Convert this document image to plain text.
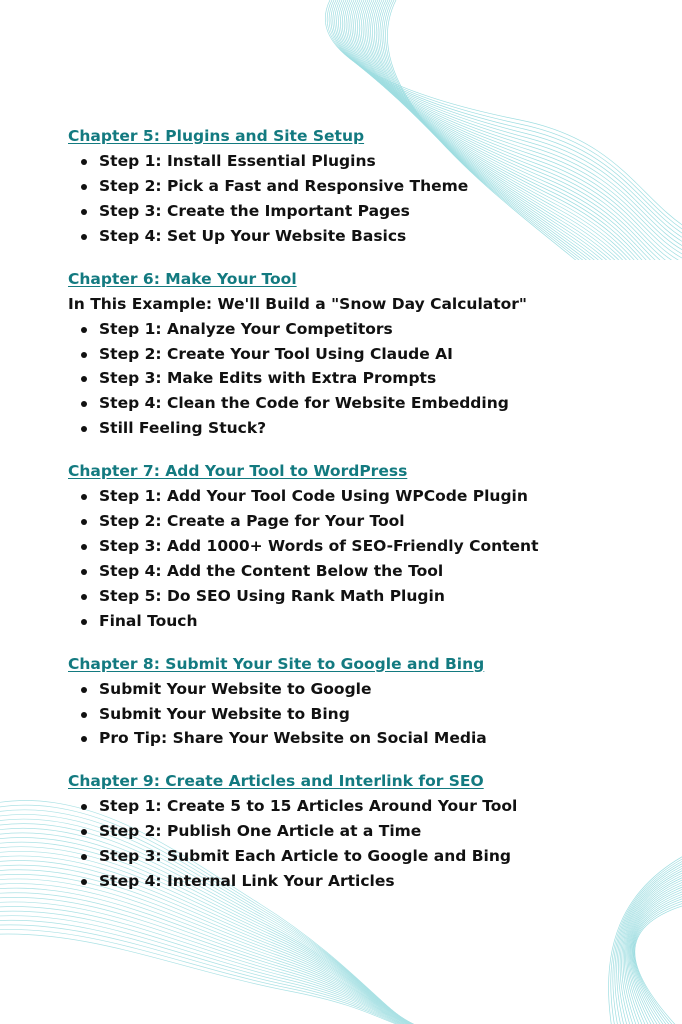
Chapter 5: Plugins and Site Setup
Step 1: Install Essential Plugins
Step 2: Pick a Fast and Responsive Theme
Step 3: Create the Important Pages
Step 4: Set Up Your Website Basics
Chapter 6: Make Your Tool
In This Example: We'll Build a "Snow Day Calculator"
Step 1: Analyze Your Competitors
Step 2: Create Your Tool Using Claude AI
Step 3: Make Edits with Extra Prompts
Step 4: Clean the Code for Website Embedding
Still Feeling Stuck?
Chapter 7: Add Your Tool to WordPress
Step 1: Add Your Tool Code Using WPCode Plugin
Step 2: Create a Page for Your Tool
Step 3: Add 1000+ Words of SEO-Friendly Content
Step 4: Add the Content Below the Tool
Step 5: Do SEO Using Rank Math Plugin
Final Touch
Chapter 8: Submit Your Site to Google and Bing
Submit Your Website to Google
Submit Your Website to Bing
Pro Tip: Share Your Website on Social Media
Chapter 9: Create Articles and Interlink for SEO
Step 1: Create 5 to 15 Articles Around Your Tool
Step 2: Publish One Article at a Time
Step 3: Submit Each Article to Google and Bing
Step 4: Internal Link Your Articles
